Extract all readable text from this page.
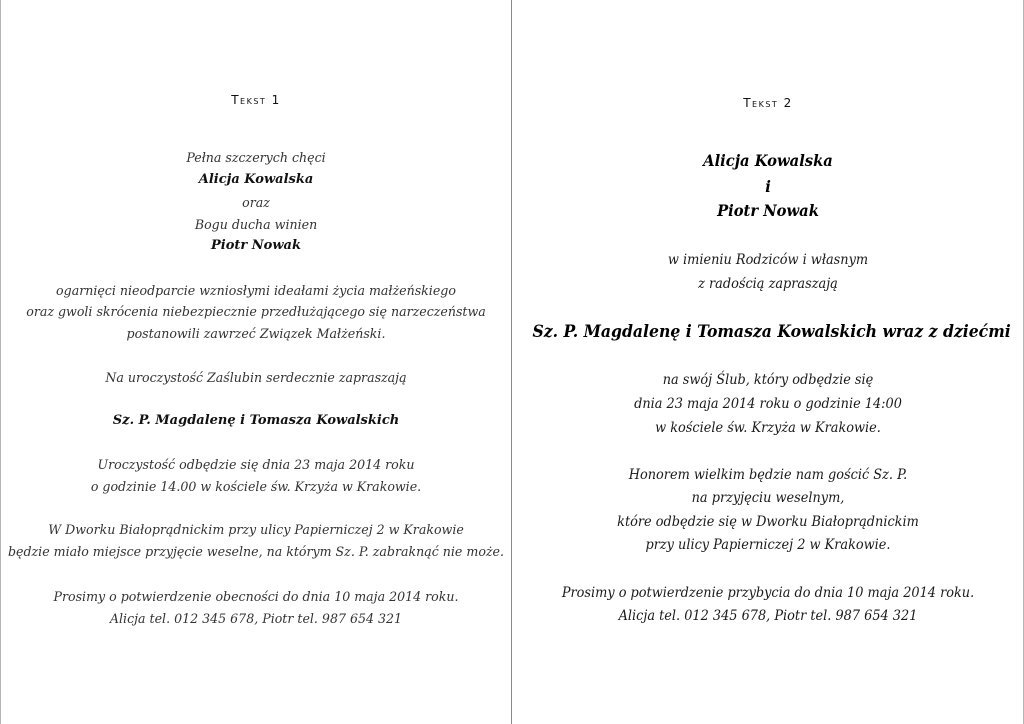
Tekst 1
Pełna szczerych chęci
Alicja Kowalska
oraz
Bogu ducha winien
Piotr Nowak
ogarnięci nieodparcie wzniosłymi ideałami życia małżeńskiego
oraz gwoli skrócenia niebezpiecznie przedłużającego się narzeczeństwa
postanowili zawrzeć Związek Małżeński.
Na uroczystość Zaślubin serdecznie zapraszają
Sz. P. Magdalenę i Tomasza Kowalskich
Uroczystość odbędzie się dnia 23 maja 2014 roku
o godzinie 14.00 w kościele św. Krzyża w Krakowie.
W Dworku Białoprądnickim przy ulicy Papierniczej 2 w Krakowie
będzie miało miejsce przyjęcie weselne, na którym Sz. P. zabraknąć nie może.
Prosimy o potwierdzenie obecności do dnia 10 maja 2014 roku.
Alicja tel. 012 345 678, Piotr tel. 987 654 321
Tekst 2
Alicja Kowalska
i
Piotr Nowak
w imieniu Rodziców i własnym
z radością zapraszają
Sz. P. Magdalenę i Tomasza Kowalskich wraz z dziećmi
na swój Ślub, który odbędzie się
dnia 23 maja 2014 roku o godzinie 14:00
w kościele św. Krzyża w Krakowie.
Honorem wielkim będzie nam gościć Sz. P.
na przyjęciu weselnym,
które odbędzie się w Dworku Białoprądnickim
przy ulicy Papierniczej 2 w Krakowie.
Prosimy o potwierdzenie przybycia do dnia 10 maja 2014 roku.
Alicja tel. 012 345 678, Piotr tel. 987 654 321
